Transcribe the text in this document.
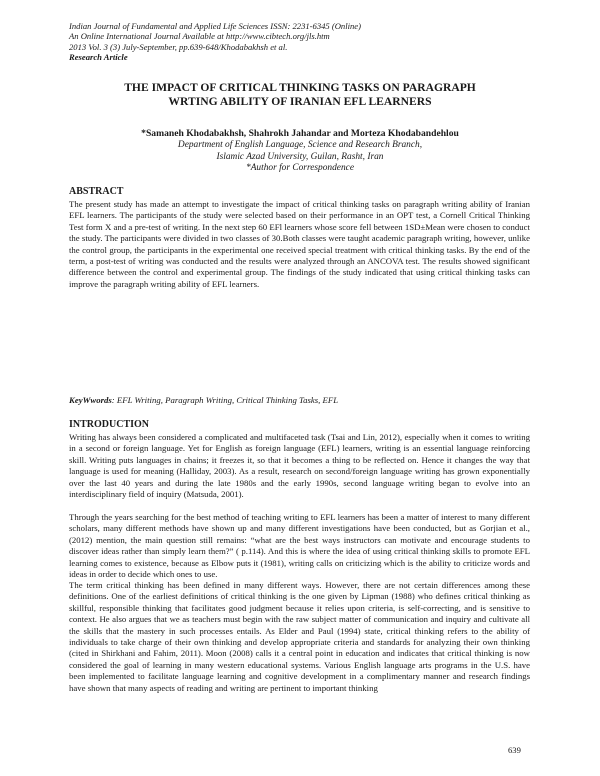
Indian Journal of Fundamental and Applied Life Sciences ISSN: 2231-6345 (Online)
An Online International Journal Available at http://www.cibtech.org/jls.htm
2013 Vol. 3 (3) July-September, pp.639-648/Khodabakhsh et al.
Research Article
THE IMPACT OF CRITICAL THINKING TASKS ON PARAGRAPH
WRTING ABILITY OF IRANIAN EFL LEARNERS
*Samaneh Khodabakhsh, Shahrokh Jahandar and Morteza Khodabandehlou
Department of English Language, Science and Research Branch,
Islamic Azad University, Guilan, Rasht, Iran
*Author for Correspondence
ABSTRACT
The present study has made an attempt to investigate the impact of critical thinking tasks on paragraph writing ability of Iranian EFL learners. The participants of the study were selected based on their performance in an OPT test, a Cornell Critical Thinking Test form X and a pre-test of writing. In the next step 60 EFl learners whose score fell between 1SD±Mean were chosen to conduct the study. The participants were divided in two classes of 30.Both classes were taught academic paragraph writing, however, unlike the control group, the participants in the experimental one received special treatment with critical thinking tasks. By the end of the term, a post-test of writing was conducted and the results were analyzed through an ANCOVA test. The results showed significant difference between the control and experimental group. The findings of the study indicated that using critical thinking tasks can improve the paragraph writing ability of EFL learners.
KeyWwords: EFL Writing, Paragraph Writing, Critical Thinking Tasks, EFL
INTRODUCTION
Writing has always been considered a complicated and multifaceted task (Tsai and Lin, 2012), especially when it comes to writing in a second or foreign language. Yet for English as foreign language (EFL) learners, writing is an essential language reinforcing skill. Writing puts languages in chains; it freezes it, so that it becomes a thing to be reflected on. Hence it changes the way that language is used for meaning (Halliday, 2003). As a result, research on second/foreign language writing has grown exponentially over the last 40 years and during the late 1980s and the early 1990s, second language writing began to evolve into an interdisciplinary field of inquiry (Matsuda, 2001).
Through the years searching for the best method of teaching writing to EFL learners has been a matter of interest to many different scholars, many different methods have shown up and many different investigations have been conducted, but as Gorjian et al., (2012) mention, the main question still remains: “what are the best ways instructors can motivate and encourage students to discover ideas rather than simply learn them?” ( p.114). And this is where the idea of using critical thinking skills to promote EFL learning comes to existence, because as Elbow puts it (1981), writing calls on criticizing which is the ability to criticize words and ideas in order to decide which ones to use.
The term critical thinking has been defined in many different ways. However, there are not certain differences among these definitions. One of the earliest definitions of critical thinking is the one given by Lipman (1988) who defines critical thinking as skillful, responsible thinking that facilitates good judgment because it relies upon criteria, is self-correcting, and is sensitive to context. He also argues that we as teachers must begin with the raw subject matter of communication and inquiry and cultivate all the skills that the mastery in such processes entails. As Elder and Paul (1994) state, critical thinking refers to the ability of individuals to take charge of their own thinking and develop appropriate criteria and standards for analyzing their own thinking (cited in Shirkhani and Fahim, 2011). Moon (2008) calls it a central point in education and indicates that critical thinking is now considered the goal of learning in many western educational systems. Various English language arts programs in the U.S. have been implemented to facilitate language learning and cognitive development in a complimentary manner and research findings have shown that many aspects of reading and writing are pertinent to important thinking
639
